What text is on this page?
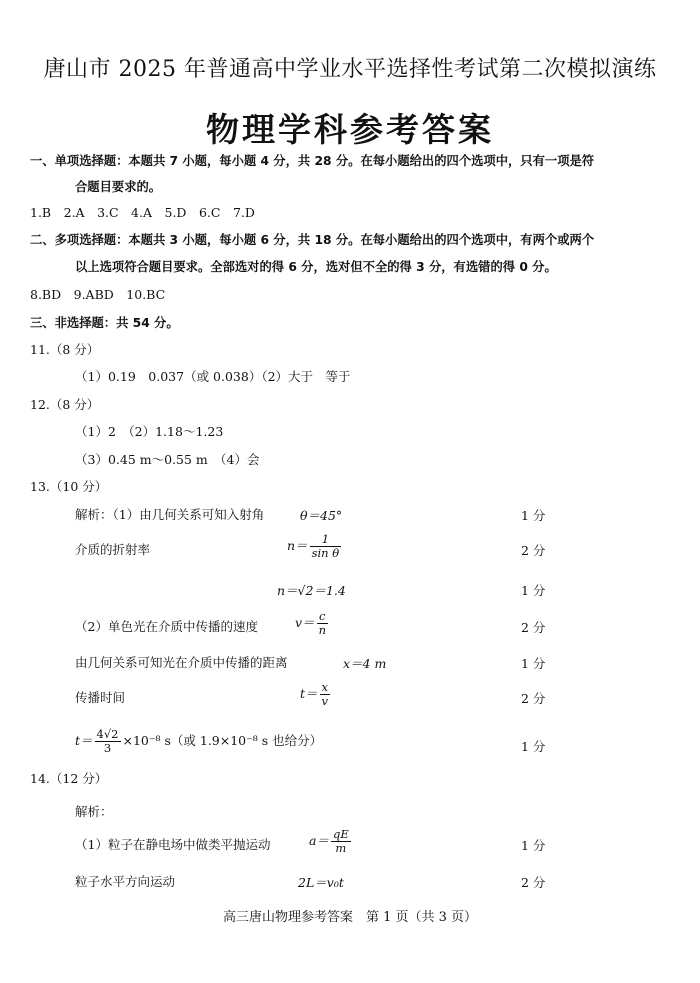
唐山市 2025 年普通高中学业水平选择性考试第二次模拟演练
物理学科参考答案
一、单项选择题：本题共 7 小题，每小题 4 分，共 28 分。在每小题给出的四个选项中，只有一项是符
合题目要求的。
1.B　2.A　3.C　4.A　5.D　6.C　7.D
二、多项选择题：本题共 3 小题，每小题 6 分，共 18 分。在每小题给出的四个选项中，有两个或两个
以上选项符合题目要求。全部选对的得 6 分，选对但不全的得 3 分，有选错的得 0 分。
8.BD　9.ABD　10.BC
三、非选择题：共 54 分。
11.（8 分）
（1）0.19　0.037（或 0.038）（2）大于　等于
12.（8 分）
（1）2　（2）1.18～1.23
（3）0.45 m～0.55 m　（4）会
13.（10 分）
解析：（1）由几何关系可知入射角	θ＝45°	1 分
介质的折射率	$n= \frac{1}{\text{sin θ}}$	2 分
n＝√2＝1.4	1 分
（2）单色光在介质中传播的速度	$v= \frac{c}{n}$	2 分
由几何关系可知光在介质中传播的距离	x＝4 m	1 分
传播时间	$t= \frac{x}{v}$	2 分
$t= \frac{4√2}{3} \times 10^{-8}$ s（或 1.9×10⁻⁸ s 也给分）	1 分
14.（12 分）
解析：
（1）粒子在静电场中做类平抛运动	$a= \frac{qE}{m}$	1 分
粒子水平方向运动	2L＝v₀t	2 分
高三唐山物理参考答案　第 1 页（共 3 页）
